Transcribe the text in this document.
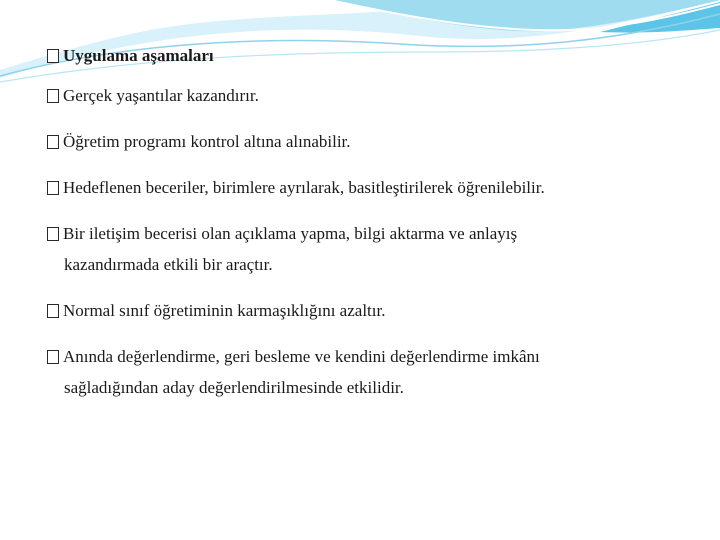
Uygulama aşamaları
Gerçek yaşantılar kazandırır.
Öğretim programı kontrol altına alınabilir.
Hedeflenen beceriler, birimlere ayrılarak, basitleştirilerek öğrenilebilir.
Bir iletişim becerisi olan açıklama yapma, bilgi aktarma ve anlayış
kazandırmada etkili bir araçtır.
Normal sınıf öğretiminin karmaşıklığını azaltır.
Anında değerlendirme, geri besleme ve kendini değerlendirme imkânı
sağladığından aday değerlendirilmesinde etkilidir.
